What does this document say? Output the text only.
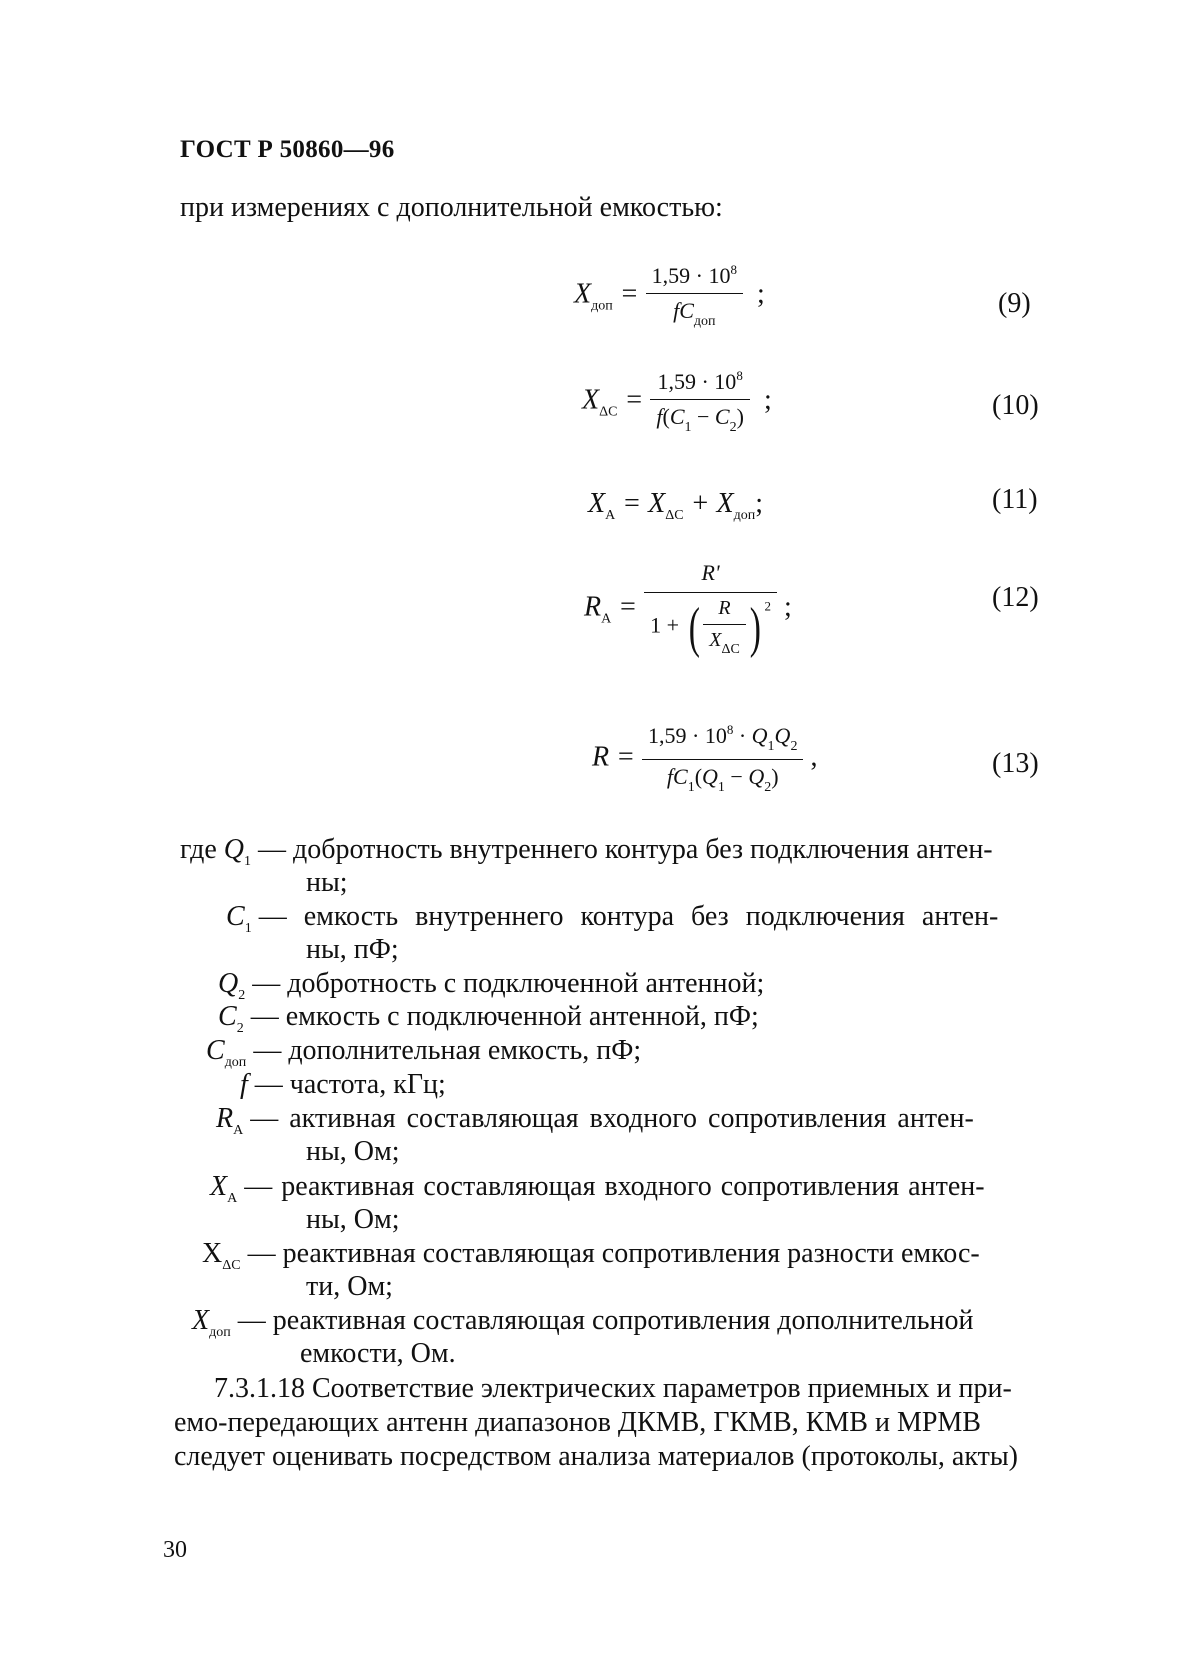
ГОСТ Р 50860—96
при измерениях с дополнительной емкостью:
$X_{доп} = \frac{1,59 \cdot 10^8}{fC_{доп}}$ ;	(9)
$X_{\Delta C} = \frac{1,59 \cdot 10^8}{f(C_1 - C_2)}$ ;	(10)
$X_А = X_{\Delta C} + X_{доп}$;	(11)
$R_А = \frac{R'}{1 + ( \frac{R}{X_{\Delta C}} ) ^2}$ ;	(12)
$R = \frac{1,59 \cdot 10^8 \cdot Q_1Q_2}{fC_1(Q_1 - Q_2)}$ ,	(13)
где $Q_1$ — добротность внутреннего контура без подключения антен-
ны;
$C_1$ — емкость внутреннего контура без подключения антен-
ны, пФ;
$Q_2$ — добротность с подключенной антенной;
$C_2$ — емкость с подключенной антенной, пФ;
$C_{доп}$ — дополнительная емкость, пФ;
f — частота, кГц;
$R_А$ — активная составляющая входного сопротивления антен-
ны, Ом;
$X_А$ — реактивная составляющая входного сопротивления антен-
ны, Ом;
$X_{\Delta C}$ — реактивная составляющая сопротивления разности емкос-
ти, Ом;
$X_{доп}$ — реактивная составляющая сопротивления дополнительной
емкости, Ом.
7.3.1.18 Соответствие электрических параметров приемных и при-
емо-передающих антенн диапазонов ДКМВ, ГКМВ, КМВ и МРМВ
следует оценивать посредством анализа материалов (протоколы, акты)
30
